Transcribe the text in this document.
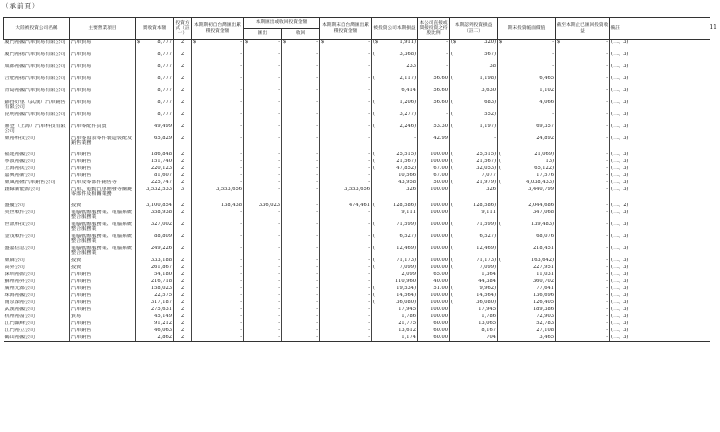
（承前頁）
11
大陸被投資公司名稱	主要營業項目	實收資本額	投資方式（註一）	本期期初自台灣匯出累積投資金額	本期匯出或收回投資金額		本期期末自台灣匯出累積投資金額	被投資公司本期損益	本公司直接或間接投資之持股比例	本期認列投資損益（註二）	期末投資帳面價值	截至本期止已匯回投資收益	備註
					匯出	收回							
廈門裕國汽車貿易有限公司	汽車貿易	$ 8,777	2	$ -	$ -	$ -	$ -	($ 1,911)	-	($ 320)	$ -	$ -	(二、3)
廈門裕揚汽車貿易有限公司	汽車貿易	8,777	2	-	-	-	-	( 3,368)	-	( 567)	-	-	(二、3)
成都裕國汽車貿易有限公司	汽車貿易	8,777	2	-	-	-	-	233	-	38	-	-	(二、3)
合肥裕揚汽車貿易有限公司	汽車貿易	8,777	2	-	-	-	-	( 2,117)	56.60	( 1,198)	6,465	-	(二、3)
青島裕國汽車貿易有限公司	汽車貿易	8,777	2	-	-	-	-	6,414	56.60	3,630	1,102	-	(二、3)
錦得好車（武漢）汽車銷售有限公司	汽車貿易	8,777	2	-	-	-	-	( 1,206)	56.60	( 683)	4,066	-	(二、3)
昆明裕國汽車貿易有限公司	汽車貿易	8,777	2	-	-	-	-	( 3,277)	-	( 552)	-	-	(二、3)
鼎登（上海）汽車科技有限公司	汽車零配件買賣	49,499	2	-	-	-	-	( 2,246)	53.30	( 1,197)	69,357	-	(二、3)
東裕科技公司	汽車零頂表零件製造裝配及銷售業務	65,829	2	-	-	-	-	-	42.99	-	24,892	-	(二、3)
福建裕國公司	汽車銷售	186,848	2	-	-	-	-	( 25,515)	100.00	( 25,515)	( 21,069)	-	(二、3)
寧波裕國公司	汽車銷售	151,740	2	-	-	-	-	( 21,567)	100.00	( 21,567)	( 13)	-	(二、3)
上海裕民公司	汽車銷售	220,123	2	-	-	-	-	( 47,852)	67.00	( 32,053)	( 65,122)	-	(二、3)
嘉興裕新公司	汽車銷售	81,607	2	-	-	-	-	10,566	67.00	7,077	17,576	-	(二、3)
東風裕隆汽車銷售公司	汽車及零部件銷售等	225,747	2	-	-	-	-	43,958	50.00	( 21,979)	( 4,038,433)	-	(二、3)
創綠新能源公司	汽車、電動汽車開發等關鍵零部件及相關業務	3,532,533	3	3,553,656	-	-	3,553,656	326	100.00	326	3,440,799	-	(二、3)
盛慶公司	投資	3,100,854	2	138,438	336,023	-	474,461	( 128,586)	100.00	( 128,586)	2,044,686	-	(二、2)
英世軟件公司	電腦軟體服務業、電腦系統整合服務業	358,938	2	-	-	-	-	9,111	100.00	9,111	347,068	-	(二、3)
世訊科技公司	電腦軟體服務業、電腦系統整合服務業	327,002	2	-	-	-	-	( 71,599)	100.00	( 71,599)	( 139,483)	-	(二、3)
金茂軟件公司	電腦軟體服務業、電腦系統整合服務業	88,809	2	-	-	-	-	( 6,527)	100.00	( 6,527)	68,076	-	(二、3)
盛嘉信息公司	電腦軟體服務業、電腦系統整合服務業	249,226	2	-	-	-	-	( 12,469)	100.00	( 12,469)	218,451	-	(二、3)
東森公司	投資	333,188	2	-	-	-	-	( 71,173)	100.00	( 71,173)	( 163,642)	-	(二、3)
高昇公司	投資	261,867	2	-	-	-	-	( 7,099)	100.00	( 7,099)	227,951	-	(二、3)
深圳裕源公司	汽車銷售	54,180	2	-	-	-	-	2,099	65.00	1,364	11,031	-	(二、3)
蘇州裕昇公司	汽車銷售	216,718	2	-	-	-	-	110,960	40.00	44,384	360,702	-	(二、3)
廣州元都公司	汽車銷售	158,023	2	-	-	-	-	( 19,534)	51.00	( 9,962)	77,641	-	(二、3)
珠海裕國公司	汽車銷售	22,575	2	-	-	-	-	( 14,564)	100.00	( 14,564)	136,696	-	(二、3)
南京溧裕公司	汽車銷售	317,187	2	-	-	-	-	( 36,080)	100.00	( 36,080)	126,405	-	(二、3)
武漢裕國公司	汽車銷售	275,631	2	-	-	-	-	17,945	100.00	17,945	189,386	-	(二、3)
杭州裕富公司	貿易	45,149	2	-	-	-	-	1,786	100.00	1,786	72,903	-	(二、3)
江門鎮峰公司	汽車銷售	91,212	2	-	-	-	-	21,775	60.00	13,065	52,783	-	(二、3)
江門裕立公司	汽車銷售	46,063	2	-	-	-	-	13,612	60.00	8,167	27,108	-	(二、3)
鶴山裕國公司	汽車銷售	2,862	2	-	-	-	-	1,174	60.00	704	3,465	-	(二、3)
